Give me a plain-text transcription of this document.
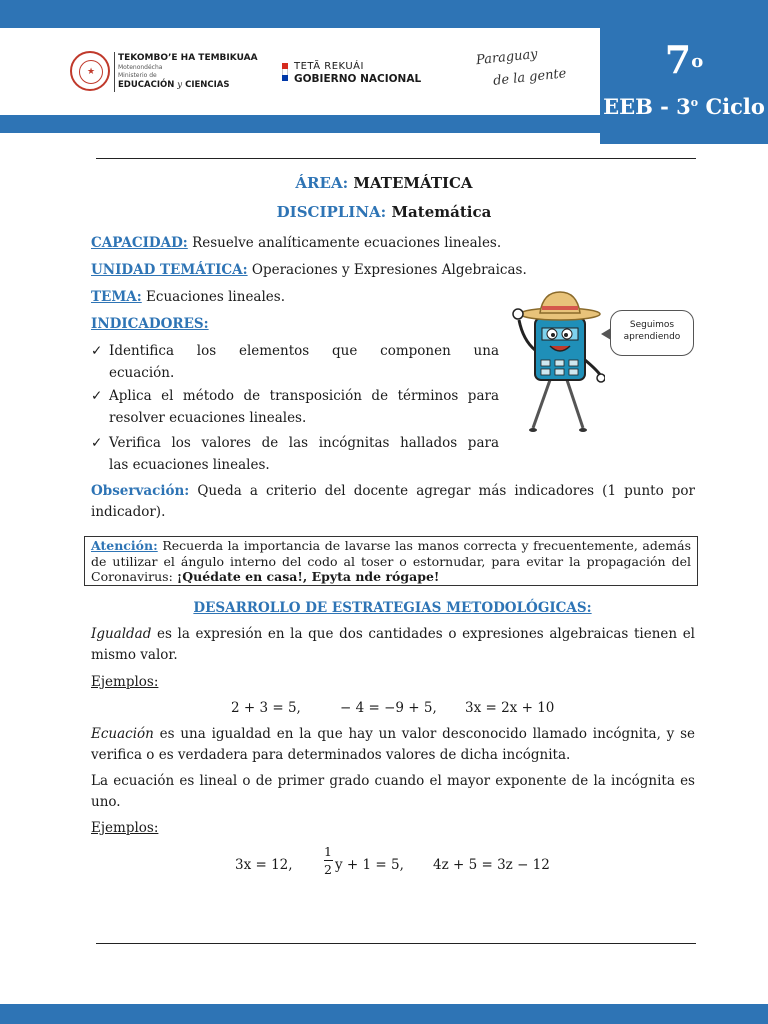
★
TEKOMBO’E HA TEMBIKUAA
Motenondécha
Ministerio de
EDUCACIÓN y CIENCIAS
TETÃ REKUÁI
GOBIERNO NACIONAL
Paraguay
de la gente	7$^o$
EEB - 3$^o$ Ciclo
ÁREA: MATEMÁTICA
DISCIPLINA: Matemática
CAPACIDAD: Resuelve analíticamente ecuaciones lineales.
UNIDAD TEMÁTICA: Operaciones y Expresiones Algebraicas.
TEMA: Ecuaciones lineales.
INDICADORES:
✓ Identifica los elementos que componen una
ecuación.
✓ Aplica el método de transposición de términos para
resolver ecuaciones lineales.
✓ Verifica los valores de las incógnitas hallados para
las ecuaciones lineales.
Seguimos
aprendiendo
Observación: Queda a criterio del docente agregar más indicadores (1 punto por indicador).
Atención: Recuerda la importancia de lavarse las manos correcta y frecuentemente, además de utilizar el ángulo interno del codo al toser o estornudar, para evitar la propagación del Coronavirus: ¡Quédate en casa!, Epyta nde rógape!
DESARROLLO DE ESTRATEGIAS METODOLÓGICAS:
Igualdad es la expresión en la que dos cantidades o expresiones algebraicas tienen el mismo valor.
Ejemplos:
2 + 3 = 5,	− 4 = −9 + 5, 3x = 2x + 10
Ecuación es una igualdad en la que hay un valor desconocido llamado incógnita, y se verifica o es verdadera para determinados valores de dicha incógnita.
La ecuación es lineal o de primer grado cuando el mayor exponente de la incógnita es uno.
Ejemplos:
3x = 12,
1
2 y + 1 = 5, 4z + 5 = 3z − 12
